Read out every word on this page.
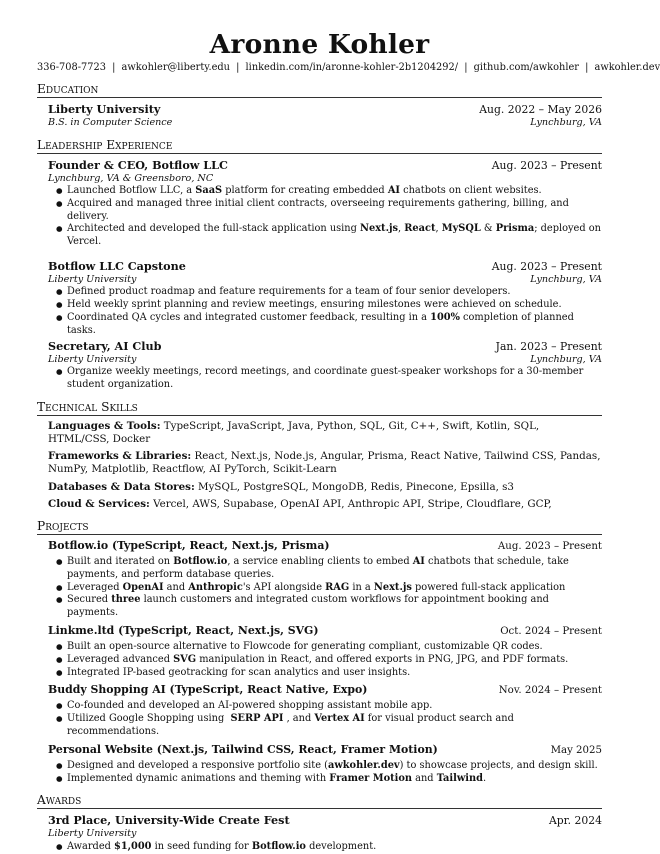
Aronne Kohler
336-708-7723 | awkohler@liberty.edu | linkedin.com/in/aronne-kohler-2b1204292/ | github.com/awkohler | awkohler.dev
Education
Liberty University	Aug. 2022 – May 2026
B.S. in Computer Science	Lynchburg, VA
Leadership Experience
Founder & CEO, Botflow LLC	Aug. 2023 – Present
Lynchburg, VA & Greensboro, NC
● Launched Botflow LLC, a SaaS platform for creating embedded AI chatbots on client websites.
● Acquired and managed three initial client contracts, overseeing requirements gathering, billing, and delivery.
● Architected and developed the full-stack application using Next.js, React, MySQL & Prisma; deployed on Vercel.
Botflow LLC Capstone	Aug. 2023 – Present
Liberty University	Lynchburg, VA
● Defined product roadmap and feature requirements for a team of four senior developers.
● Held weekly sprint planning and review meetings, ensuring milestones were achieved on schedule.
● Coordinated QA cycles and integrated customer feedback, resulting in a 100% completion of planned tasks.
Secretary, AI Club	Jan. 2023 – Present
Liberty University	Lynchburg, VA
● Organize weekly meetings, record meetings, and coordinate guest-speaker workshops for a 30-member student organization.
Technical Skills
Languages & Tools: TypeScript, JavaScript, Java, Python, SQL, Git, C++, Swift, Kotlin, SQL, HTML/CSS, Docker
Frameworks & Libraries: React, Next.js, Node.js, Angular, Prisma, React Native, Tailwind CSS, Pandas, NumPy, Matplotlib, Reactflow, AI PyTorch, Scikit-Learn
Databases & Data Stores: MySQL, PostgreSQL, MongoDB, Redis, Pinecone, Epsilla, s3
Cloud & Services: Vercel, AWS, Supabase, OpenAI API, Anthropic API, Stripe, Cloudflare, GCP,
Projects
Botflow.io (TypeScript, React, Next.js, Prisma)	Aug. 2023 – Present
● Built and iterated on Botflow.io, a service enabling clients to embed AI chatbots that schedule, take payments, and perform database queries.
● Leveraged OpenAI and Anthropic's API alongside RAG in a Next.js powered full-stack application
● Secured three launch customers and integrated custom workflows for appointment booking and payments.
Linkme.ltd (TypeScript, React, Next.js, SVG)	Oct. 2024 – Present
● Built an open-source alternative to Flowcode for generating compliant, customizable QR codes.
● Leveraged advanced SVG manipulation in React, and offered exports in PNG, JPG, and PDF formats.
● Integrated IP-based geotracking for scan analytics and user insights.
Buddy Shopping AI (TypeScript, React Native, Expo)	Nov. 2024 – Present
● Co-founded and developed an AI-powered shopping assistant mobile app.
● Utilized Google Shopping using  SERP API , and Vertex AI for visual product search and recommendations.
Personal Website (Next.js, Tailwind CSS, React, Framer Motion)	May 2025
● Designed and developed a responsive portfolio site (awkohler.dev) to showcase projects, and design skill.
● Implemented dynamic animations and theming with Framer Motion and Tailwind.
Awards
3rd Place, University-Wide Create Fest	Apr. 2024
Liberty University
● Awarded $1,000 in seed funding for Botflow.io development.
